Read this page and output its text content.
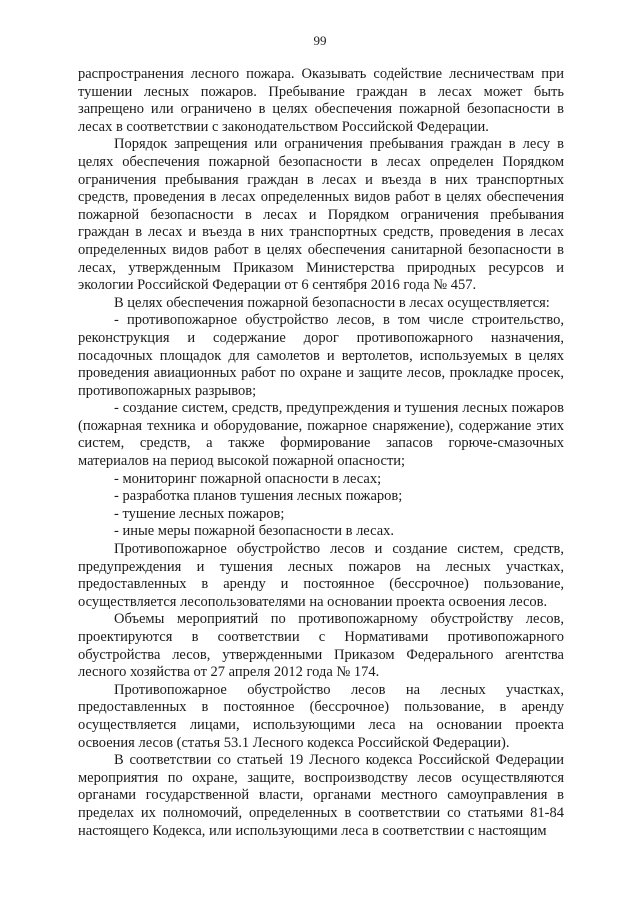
99

распространения лесного пожара. Оказывать содействие лесничествам при тушении лесных пожаров. Пребывание граждан в лесах может быть запрещено или ограничено в целях обеспечения пожарной безопасности в лесах в соответствии с законодательством Российской Федерации.

Порядок запрещения или ограничения пребывания граждан в лесу в целях обеспечения пожарной безопасности в лесах определен Порядком ограничения пребывания граждан в лесах и въезда в них транспортных средств, проведения в лесах определенных видов работ в целях обеспечения пожарной безопасности в лесах и Порядком ограничения пребывания граждан в лесах и въезда в них транспортных средств, проведения в лесах определенных видов работ в целях обеспечения санитарной безопасности в лесах, утвержденным Приказом Министерства природных ресурсов и экологии Российской Федерации от 6 сентября 2016 года № 457.

В целях обеспечения пожарной безопасности в лесах осуществляется:

- противопожарное обустройство лесов, в том числе строительство, реконструкция и содержание дорог противопожарного назначения, посадочных площадок для самолетов и вертолетов, используемых в целях проведения авиационных работ по охране и защите лесов, прокладке просек, противопожарных разрывов;

- создание систем, средств, предупреждения и тушения лесных пожаров (пожарная техника и оборудование, пожарное снаряжение), содержание этих систем, средств, а также формирование запасов горюче-смазочных материалов на период высокой пожарной опасности;

- мониторинг пожарной опасности в лесах;

- разработка планов тушения лесных пожаров;

- тушение лесных пожаров;

- иные меры пожарной безопасности в лесах.

Противопожарное обустройство лесов и создание систем, средств, предупреждения и тушения лесных пожаров на лесных участках, предоставленных в аренду и постоянное (бессрочное) пользование, осуществляется лесопользователями на основании проекта освоения лесов.

Объемы мероприятий по противопожарному обустройству лесов, проектируются в соответствии с Нормативами противопожарного обустройства лесов, утвержденными Приказом Федерального агентства лесного хозяйства от 27 апреля 2012 года № 174.

Противопожарное обустройство лесов на лесных участках, предоставленных в постоянное (бессрочное) пользование, в аренду осуществляется лицами, использующими леса на основании проекта освоения лесов (статья 53.1 Лесного кодекса Российской Федерации).

В соответствии со статьей 19 Лесного кодекса Российской Федерации мероприятия по охране, защите, воспроизводству лесов осуществляются органами государственной власти, органами местного самоуправления в пределах их полномочий, определенных в соответствии со статьями 81-84 настоящего Кодекса, или использующими леса в соответствии с настоящим
